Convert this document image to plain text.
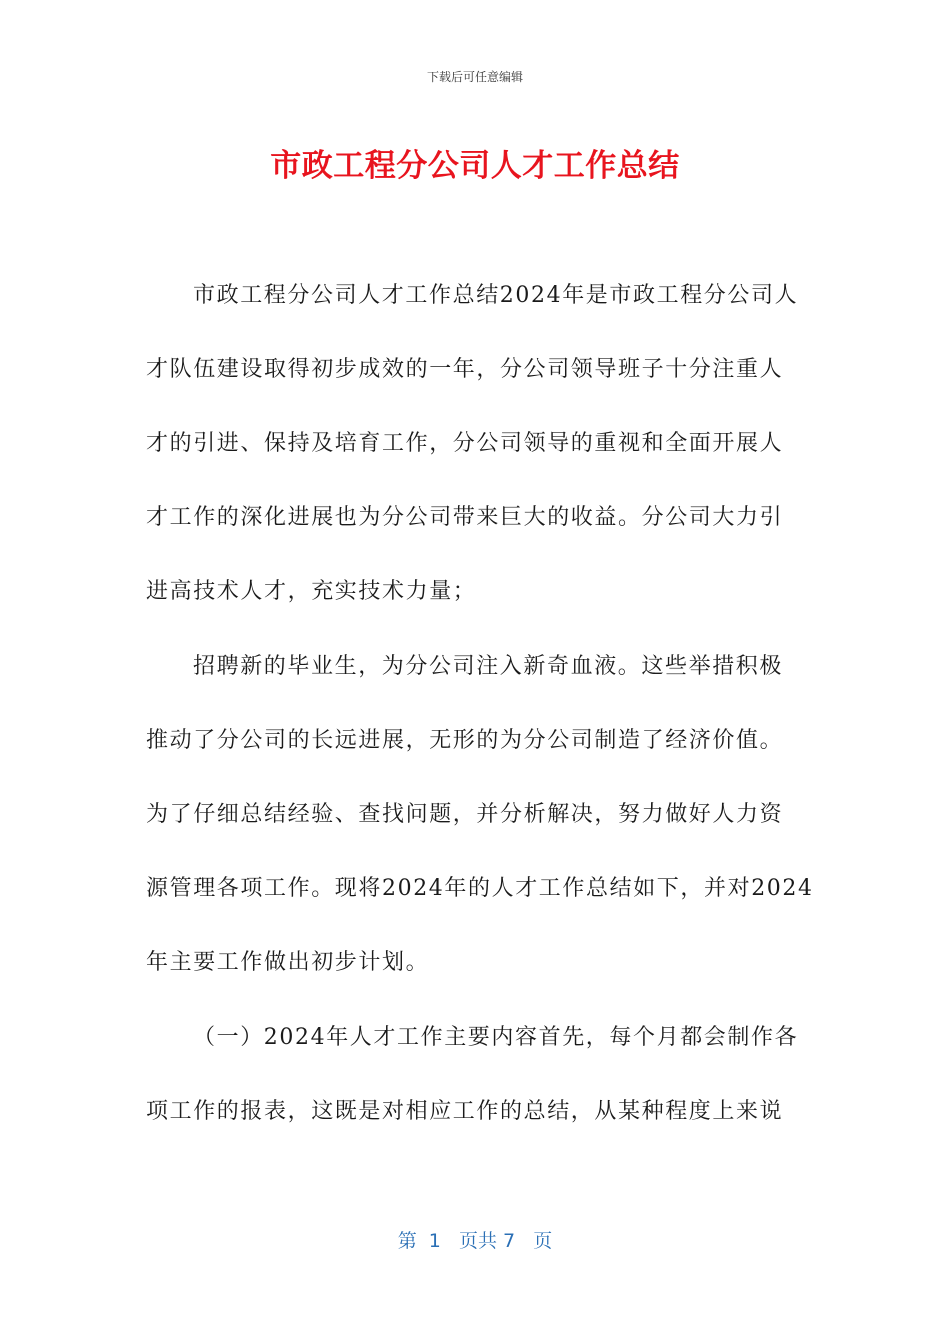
下载后可任意编辑
市政工程分公司人才工作总结
市政工程分公司人才工作总结2024年是市政工程分公司人
才队伍建设取得初步成效的一年，分公司领导班子十分注重人
才的引进、保持及培育工作，分公司领导的重视和全面开展人
才工作的深化进展也为分公司带来巨大的收益。分公司大力引
进高技术人才，充实技术力量；
招聘新的毕业生，为分公司注入新奇血液。这些举措积极
推动了分公司的长远进展，无形的为分公司制造了经济价值。
为了仔细总结经验、查找问题，并分析解决，努力做好人力资
源管理各项工作。现将2024年的人才工作总结如下，并对2024
年主要工作做出初步计划。
（一）2024年人才工作主要内容首先，每个月都会制作各
项工作的报表，这既是对相应工作的总结，从某种程度上来说
第  1   页共 7   页
